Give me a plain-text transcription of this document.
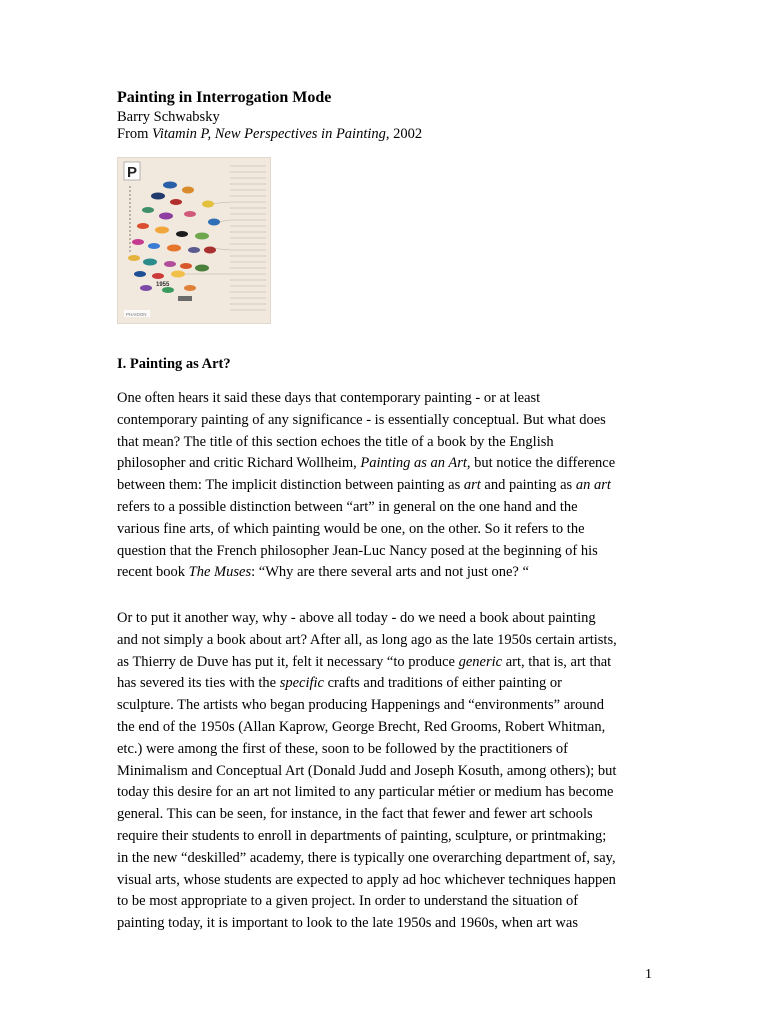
Painting in Interrogation Mode
Barry Schwabsky
From Vitamin P, New Perspectives in Painting, 2002
P
1955
PHAIDON
I. Painting as Art?
One often hears it said these days that contemporary painting - or at least
contemporary painting of any significance - is essentially conceptual. But what does
that mean? The title of this section echoes the title of a book by the English
philosopher and critic Richard Wollheim, Painting as an Art, but notice the difference
between them: The implicit distinction between painting as art and painting as an art
refers to a possible distinction between “art” in general on the one hand and the
various fine arts, of which painting would be one, on the other. So it refers to the
question that the French philosopher Jean-Luc Nancy posed at the beginning of his
recent book The Muses: “Why are there several arts and not just one? “
Or to put it another way, why - above all today - do we need a book about painting
and not simply a book about art? After all, as long ago as the late 1950s certain artists,
as Thierry de Duve has put it, felt it necessary “to produce generic art, that is, art that
has severed its ties with the specific crafts and traditions of either painting or
sculpture. The artists who began producing Happenings and “environments” around
the end of the 1950s (Allan Kaprow, George Brecht, Red Grooms, Robert Whitman,
etc.) were among the first of these, soon to be followed by the practitioners of
Minimalism and Conceptual Art (Donald Judd and Joseph Kosuth, among others); but
today this desire for an art not limited to any particular métier or medium has become
general. This can be seen, for instance, in the fact that fewer and fewer art schools
require their students to enroll in departments of painting, sculpture, or printmaking;
in the new “deskilled” academy, there is typically one overarching department of, say,
visual arts, whose students are expected to apply ad hoc whichever techniques happen
to be most appropriate to a given project. In order to understand the situation of
painting today, it is important to look to the late 1950s and 1960s, when art was
1
